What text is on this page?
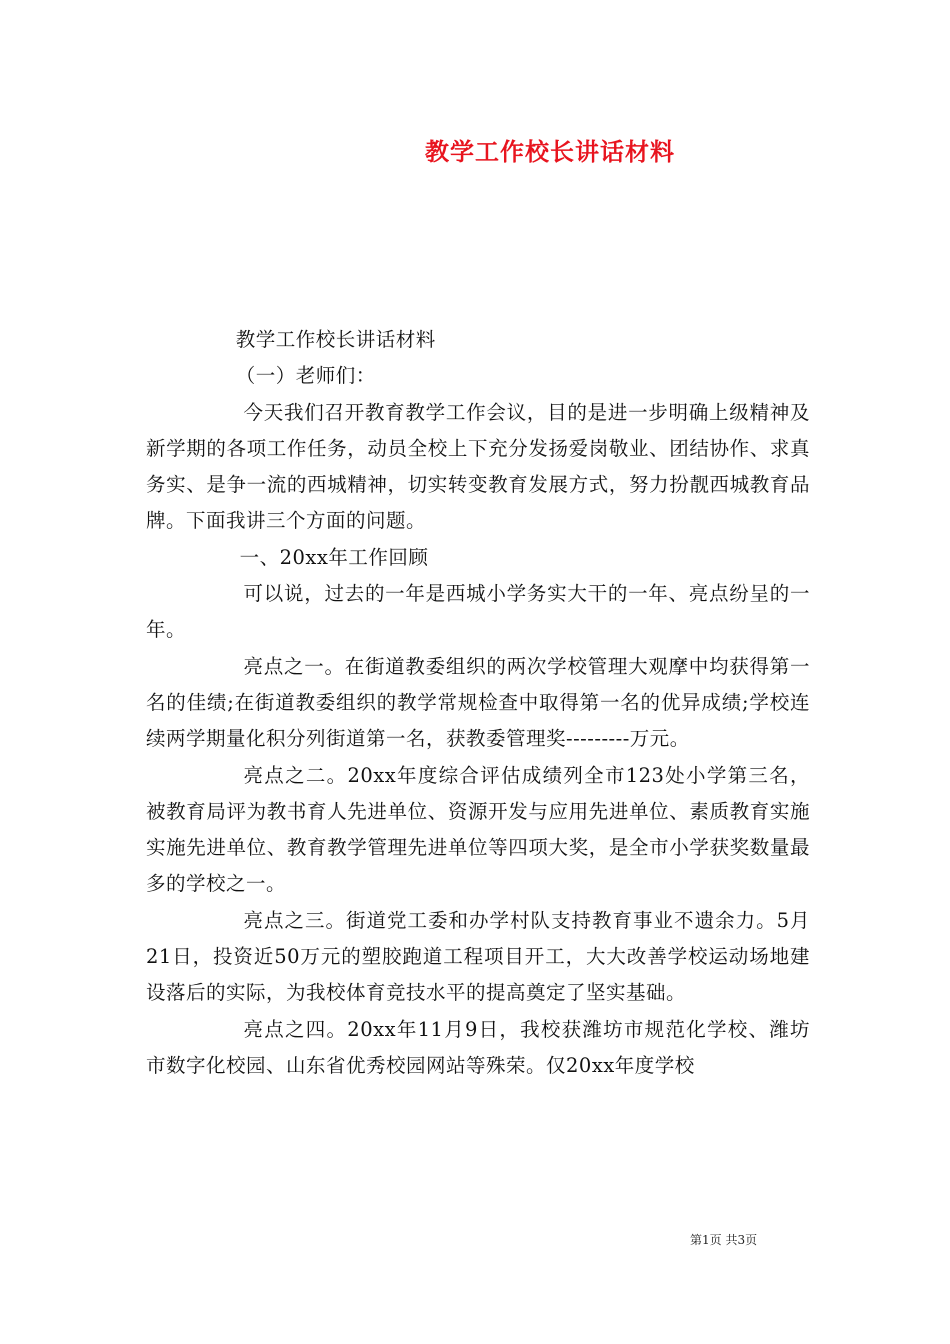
教学工作校长讲话材料

教学工作校长讲话材料

（一）老师们：

今天我们召开教育教学工作会议，目的是进一步明确上级精神及新学期的各项工作任务，动员全校上下充分发扬爱岗敬业、团结协作、求真务实、是争一流的西城精神，切实转变教育发展方式，努力扮靓西城教育品牌。下面我讲三个方面的问题。

一、20xx年工作回顾

可以说，过去的一年是西城小学务实大干的一年、亮点纷呈的一年。

亮点之一。在街道教委组织的两次学校管理大观摩中均获得第一名的佳绩;在街道教委组织的教学常规检查中取得第一名的优异成绩;学校连续两学期量化积分列街道第一名，获教委管理奖---------万元。

亮点之二。20xx年度综合评估成绩列全市123处小学第三名，被教育局评为教书育人先进单位、资源开发与应用先进单位、素质教育实施实施先进单位、教育教学管理先进单位等四项大奖，是全市小学获奖数量最多的学校之一。

亮点之三。街道党工委和办学村队支持教育事业不遗余力。5月21日，投资近50万元的塑胶跑道工程项目开工，大大改善学校运动场地建设落后的实际，为我校体育竞技水平的提高奠定了坚实基础。

亮点之四。20xx年11月9日，我校获潍坊市规范化学校、潍坊市数字化校园、山东省优秀校园网站等殊荣。仅20xx年度学校

第1页 共3页
